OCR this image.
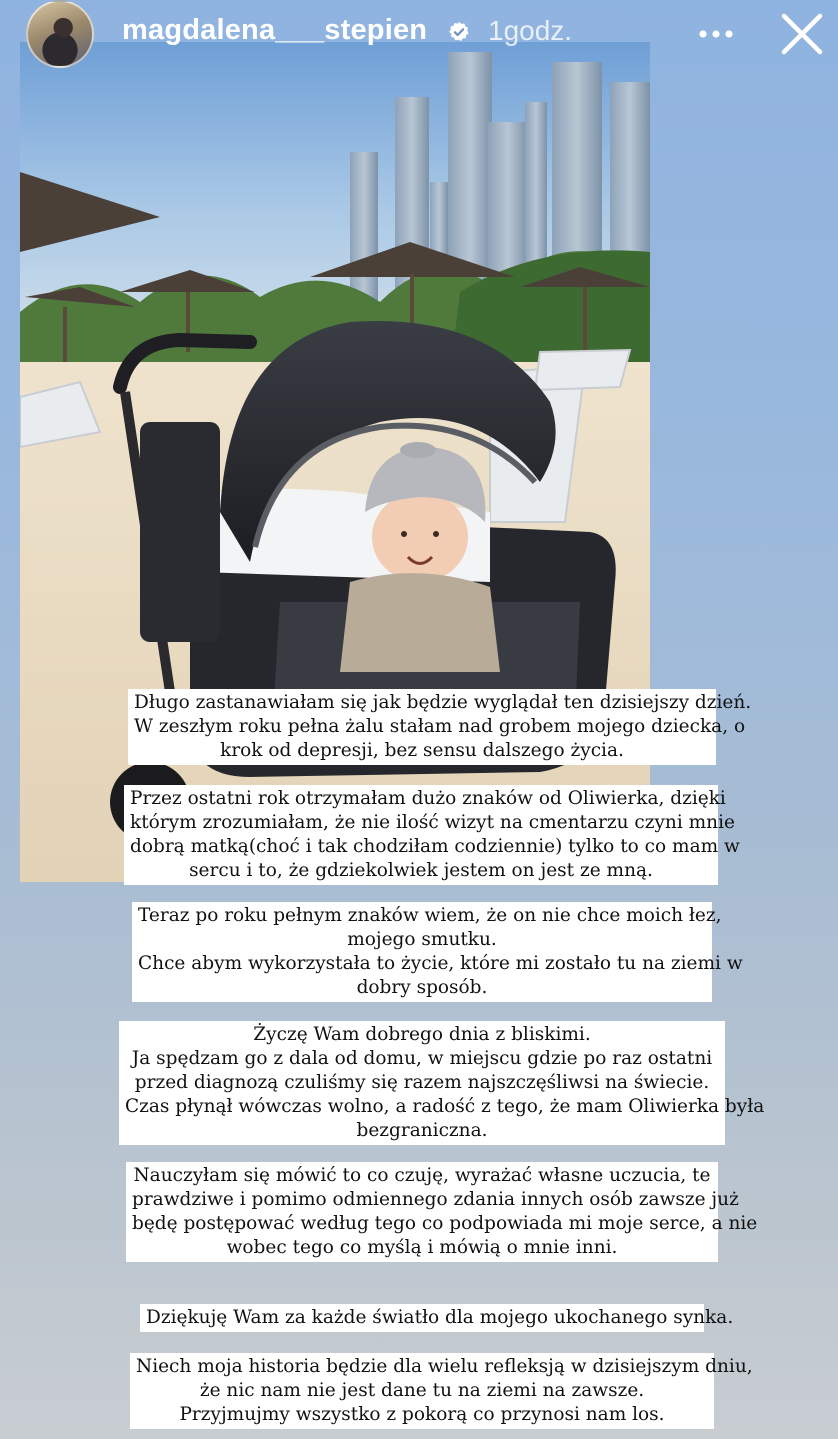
magdalena___stepien 1godz.
Długo zastanawiałam się jak będzie wyglądał ten dzisiejszy dzień.
W zeszłym roku pełna żalu stałam nad grobem mojego dziecka, o
krok od depresji, bez sensu dalszego życia.
Przez ostatni rok otrzymałam dużo znaków od Oliwierka, dzięki
którym zrozumiałam, że nie ilość wizyt na cmentarzu czyni mnie
dobrą matką(choć i tak chodziłam codziennie) tylko to co mam w
sercu i to, że gdziekolwiek jestem on jest ze mną.
Teraz po roku pełnym znaków wiem, że on nie chce moich łez,
mojego smutku.
Chce abym wykorzystała to życie, które mi zostało tu na ziemi w
dobry sposób.
Życzę Wam dobrego dnia z bliskimi.
Ja spędzam go z dala od domu, w miejscu gdzie po raz ostatni
przed diagnozą czuliśmy się razem najszczęśliwsi na świecie.
Czas płynął wówczas wolno, a radość z tego, że mam Oliwierka była
bezgraniczna.
Nauczyłam się mówić to co czuję, wyrażać własne uczucia, te
prawdziwe i pomimo odmiennego zdania innych osób zawsze już
będę postępować według tego co podpowiada mi moje serce, a nie
wobec tego co myślą i mówią o mnie inni.
Dziękuję Wam za każde światło dla mojego ukochanego synka.
Niech moja historia będzie dla wielu refleksją w dzisiejszym dniu,
że nic nam nie jest dane tu na ziemi na zawsze.
Przyjmujmy wszystko z pokorą co przynosi nam los.
